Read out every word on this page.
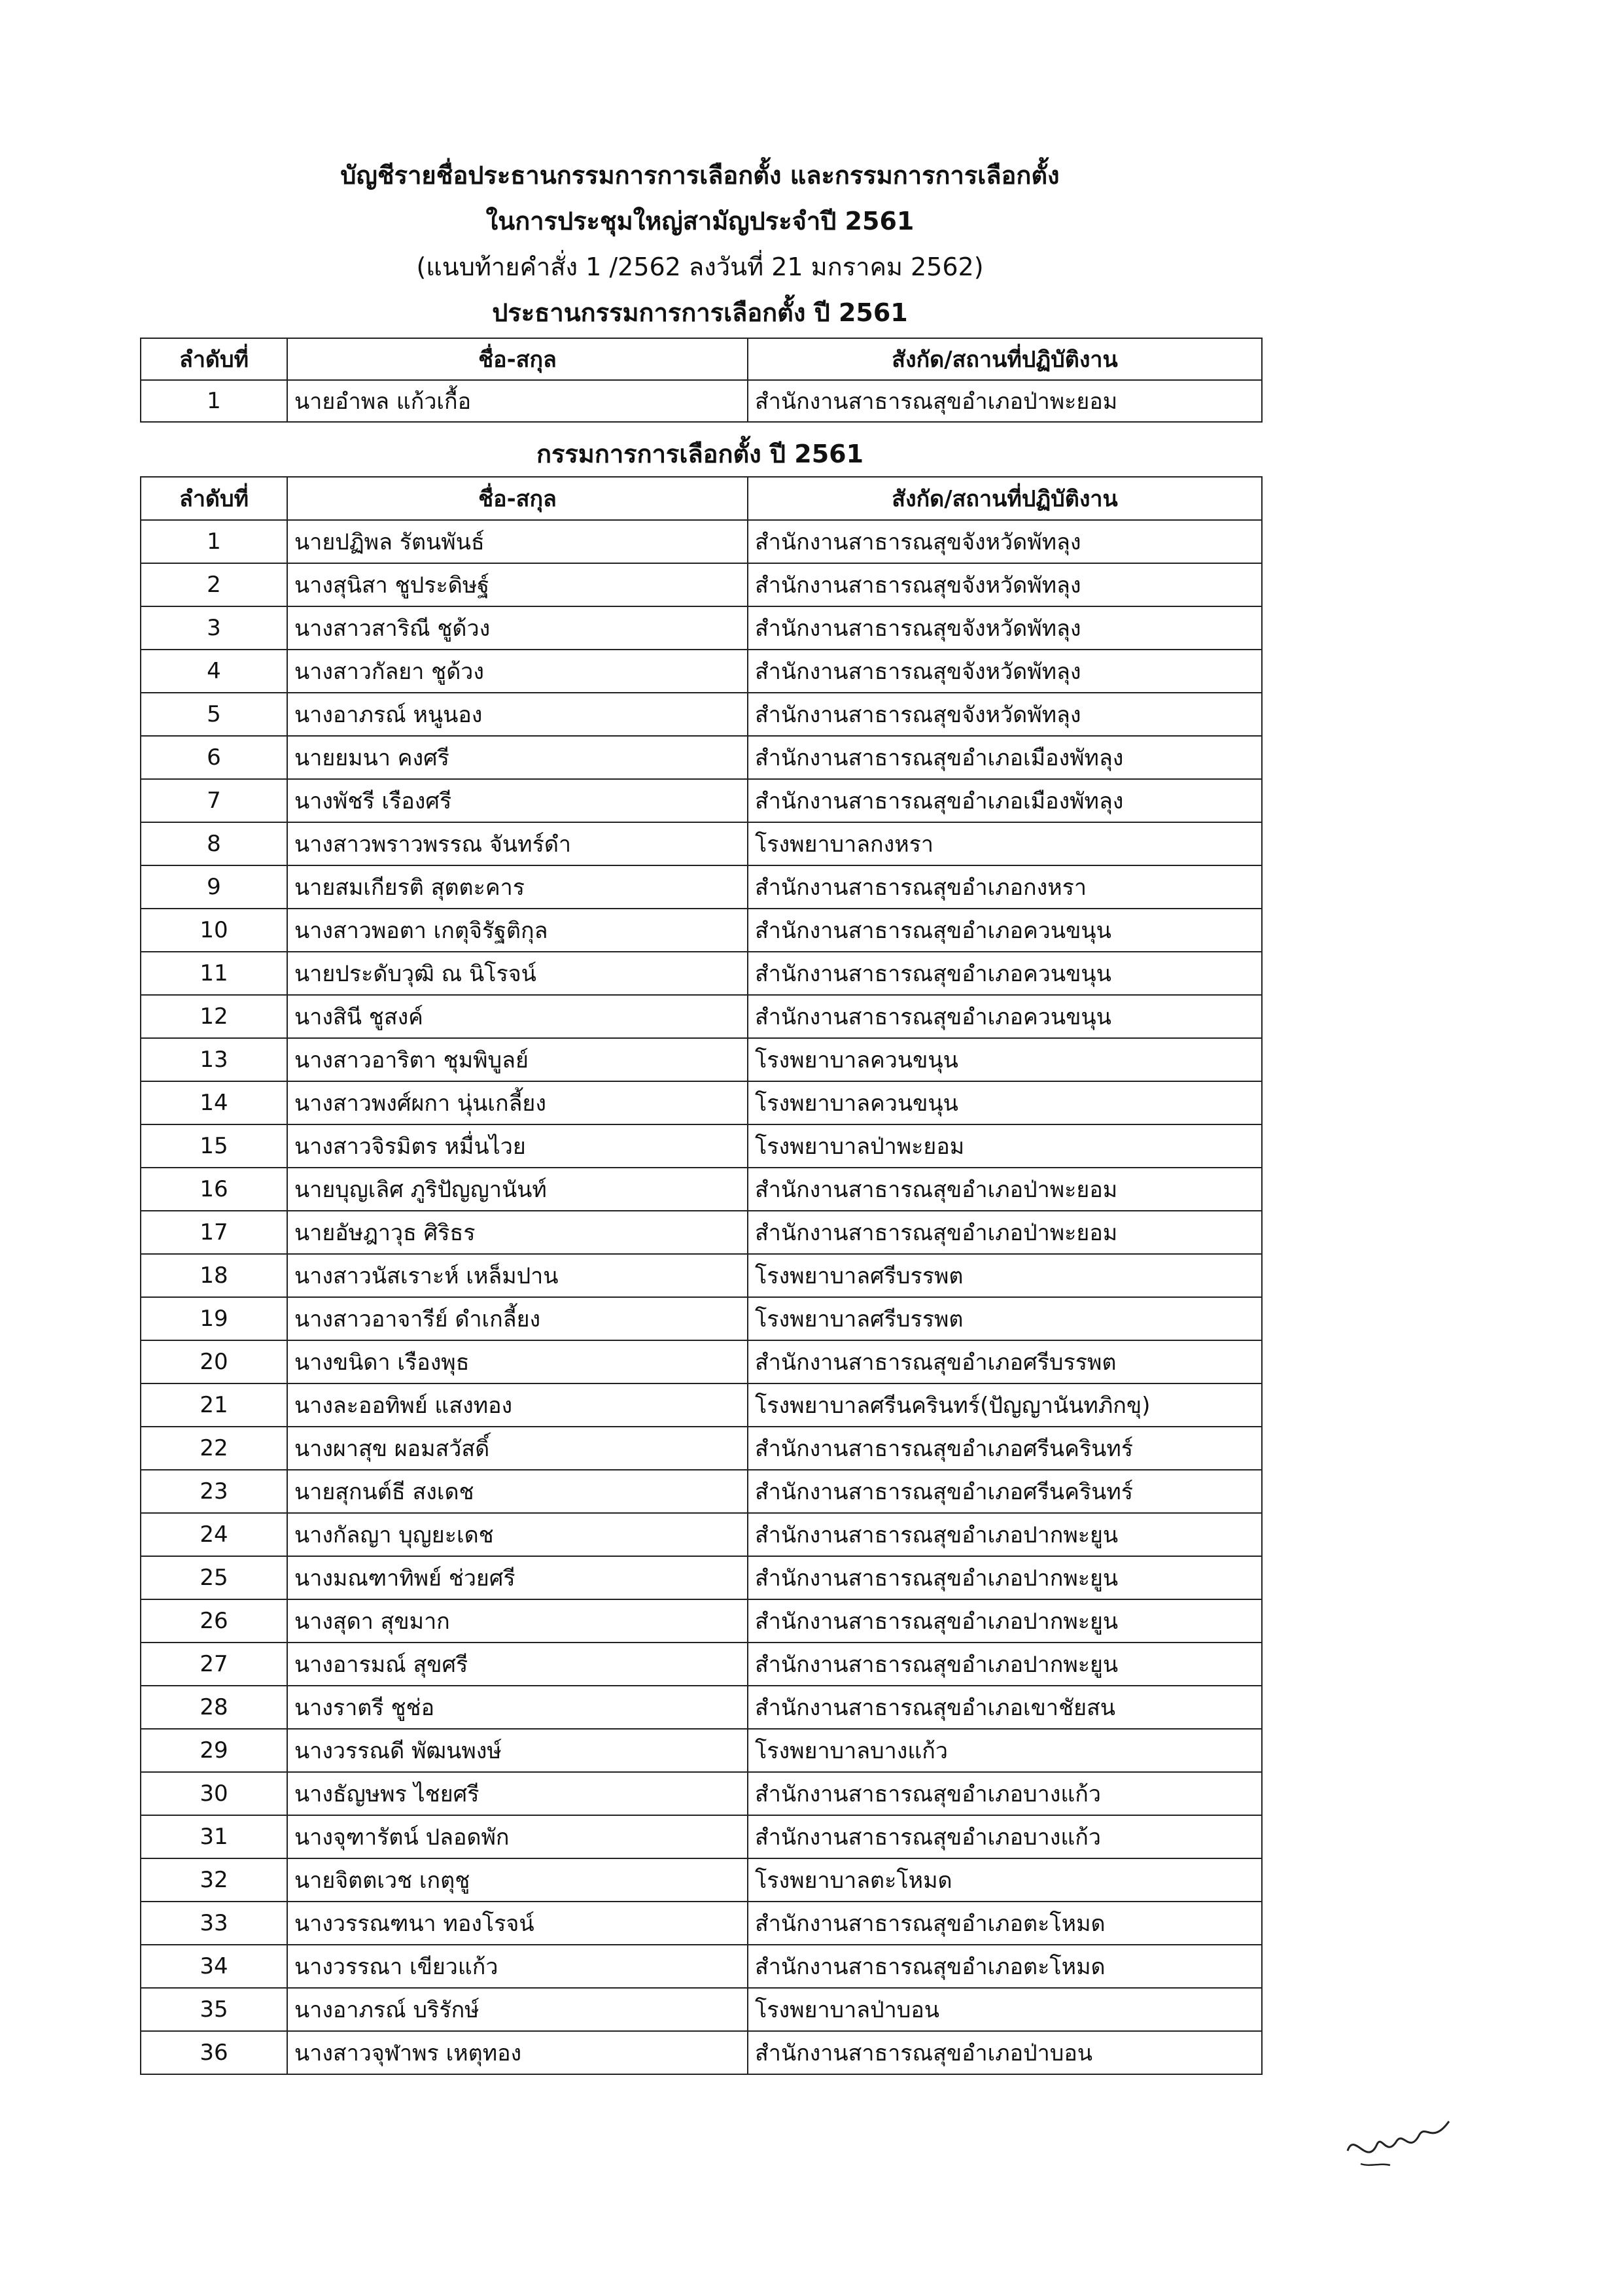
บัญชีรายชื่อประธานกรรมการการเลือกตั้ง และกรรมการการเลือกตั้ง
ในการประชุมใหญ่สามัญประจำปี 2561
(แนบท้ายคำสั่ง 1 /2562 ลงวันที่ 21 มกราคม 2562)
ประธานกรรมการการเลือกตั้ง ปี 2561
ลำดับที่	ชื่อ-สกุล	สังกัด/สถานที่ปฏิบัติงาน
1	นายอำพล แก้วเกื้อ	สำนักงานสาธารณสุขอำเภอป่าพะยอม
กรรมการการเลือกตั้ง ปี 2561
ลำดับที่	ชื่อ-สกุล	สังกัด/สถานที่ปฏิบัติงาน
1	นายปฏิพล รัตนพันธ์	สำนักงานสาธารณสุขจังหวัดพัทลุง
2	นางสุนิสา ชูประดิษฐ์	สำนักงานสาธารณสุขจังหวัดพัทลุง
3	นางสาวสาริณี ชูด้วง	สำนักงานสาธารณสุขจังหวัดพัทลุง
4	นางสาวกัลยา ชูด้วง	สำนักงานสาธารณสุขจังหวัดพัทลุง
5	นางอาภรณ์ หนูนอง	สำนักงานสาธารณสุขจังหวัดพัทลุง
6	นายยมนา คงศรี	สำนักงานสาธารณสุขอำเภอเมืองพัทลุง
7	นางพัชรี เรืองศรี	สำนักงานสาธารณสุขอำเภอเมืองพัทลุง
8	นางสาวพราวพรรณ จันทร์ดำ	โรงพยาบาลกงหรา
9	นายสมเกียรติ สุตตะคาร	สำนักงานสาธารณสุขอำเภอกงหรา
10	นางสาวพอตา เกตุจิรัฐติกุล	สำนักงานสาธารณสุขอำเภอควนขนุน
11	นายประดับวุฒิ ณ นิโรจน์	สำนักงานสาธารณสุขอำเภอควนขนุน
12	นางสินี ชูสงค์	สำนักงานสาธารณสุขอำเภอควนขนุน
13	นางสาวอาริตา ชุมพิบูลย์	โรงพยาบาลควนขนุน
14	นางสาวพงศ์ผกา นุ่นเกลี้ยง	โรงพยาบาลควนขนุน
15	นางสาวจิรมิตร หมื่นไวย	โรงพยาบาลป่าพะยอม
16	นายบุญเลิศ ภูริปัญญานันท์	สำนักงานสาธารณสุขอำเภอป่าพะยอม
17	นายอัษฎาวุธ ศิริธร	สำนักงานสาธารณสุขอำเภอป่าพะยอม
18	นางสาวนัสเราะห์ เหล็มปาน	โรงพยาบาลศรีบรรพต
19	นางสาวอาจารีย์ ดำเกลี้ยง	โรงพยาบาลศรีบรรพต
20	นางขนิดา เรืองพุธ	สำนักงานสาธารณสุขอำเภอศรีบรรพต
21	นางละออทิพย์ แสงทอง	โรงพยาบาลศรีนครินทร์(ปัญญานันทภิกขุ)
22	นางผาสุข ผอมสวัสดิ์	สำนักงานสาธารณสุขอำเภอศรีนครินทร์
23	นายสุกนต์ธี สงเดช	สำนักงานสาธารณสุขอำเภอศรีนครินทร์
24	นางกัลญา บุญยะเดช	สำนักงานสาธารณสุขอำเภอปากพะยูน
25	นางมณฑาทิพย์ ช่วยศรี	สำนักงานสาธารณสุขอำเภอปากพะยูน
26	นางสุดา สุขมาก	สำนักงานสาธารณสุขอำเภอปากพะยูน
27	นางอารมณ์ สุขศรี	สำนักงานสาธารณสุขอำเภอปากพะยูน
28	นางราตรี ชูช่อ	สำนักงานสาธารณสุขอำเภอเขาชัยสน
29	นางวรรณดี พัฒนพงษ์	โรงพยาบาลบางแก้ว
30	นางธัญษพร ไชยศรี	สำนักงานสาธารณสุขอำเภอบางแก้ว
31	นางจุฑารัตน์ ปลอดพัก	สำนักงานสาธารณสุขอำเภอบางแก้ว
32	นายจิตตเวช เกตุชู	โรงพยาบาลตะโหมด
33	นางวรรณฑนา ทองโรจน์	สำนักงานสาธารณสุขอำเภอตะโหมด
34	นางวรรณา เขียวแก้ว	สำนักงานสาธารณสุขอำเภอตะโหมด
35	นางอาภรณ์ บริรักษ์	โรงพยาบาลป่าบอน
36	นางสาวจุฬาพร เหตุทอง	สำนักงานสาธารณสุขอำเภอป่าบอน
